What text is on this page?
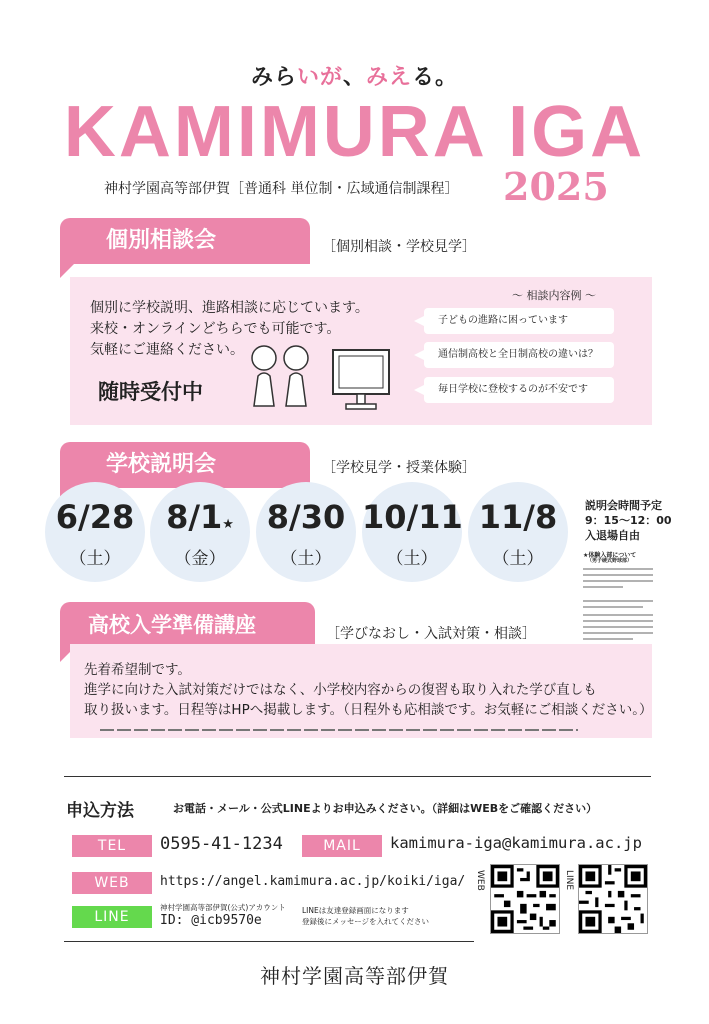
みらいが、みえる。
KAMIMURA IGA
神村学園高等部伊賀［普通科 単位制・広域通信制課程］ 2025
個別相談会	［個別相談・学校見学］
個別に学校説明、進路相談に応じています。
来校・オンラインどちらでも可能です。
気軽にご連絡ください。
随時受付中
～ 相談内容例 ～
子どもの進路に困っています
通信制高校と全日制高校の違いは？
毎日学校に登校するのが不安です
学校説明会	［学校見学・授業体験］
6/28
（土）
8/1★
（金）
8/30
（土）
10/11
（土）
11/8
（土）
説明会時間予定
9：15～12：00
入退場自由
★体験入部について
（男子硬式野球部）
高校入学準備講座	［学びなおし・入試対策・相談］
先着希望制です。
進学に向けた入試対策だけではなく、小学校内容からの復習も取り入れた学び直しも
取り扱います。日程等はHPへ掲載します。（日程外も応相談です。お気軽にご相談ください。）
申込方法	お電話・メール・公式LINEよりお申込みください。（詳細はWEBをご確認ください）
TEL	0595-41-1234	MAIL	kamimura-iga@kamimura.ac.jp
WEB	https://angel.kamimura.ac.jp/koiki/iga/
LINE
神村学園高等部伊賀(公式)アカウント
ID: @icb9570e
LINEは友達登録画面になります
登録後にメッセージを入れてください
WEB	LINE
神村学園高等部伊賀
